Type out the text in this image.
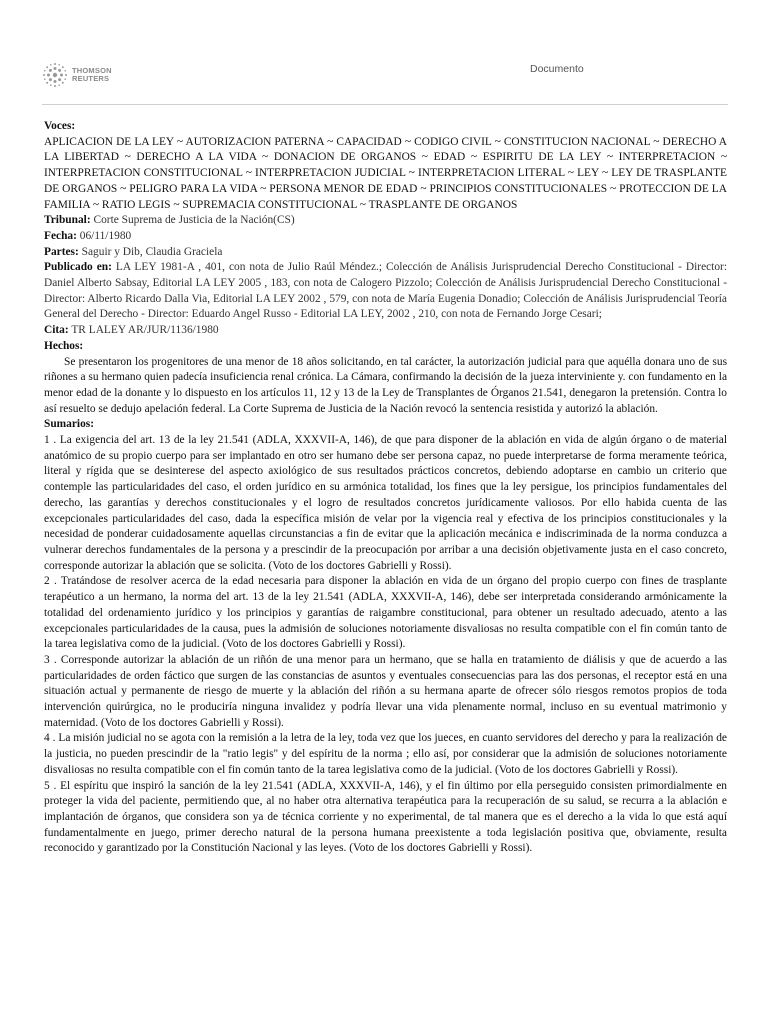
THOMSON
REUTERS
Documento

Voces:

APLICACION DE LA LEY ~ AUTORIZACION PATERNA ~ CAPACIDAD ~ CODIGO CIVIL ~ CONSTITUCION NACIONAL ~ DERECHO A LA LIBERTAD ~ DERECHO A LA VIDA ~ DONACION DE ORGANOS ~ EDAD ~ ESPIRITU DE LA LEY ~ INTERPRETACION ~ INTERPRETACION CONSTITUCIONAL ~ INTERPRETACION JUDICIAL ~ INTERPRETACION LITERAL ~ LEY ~ LEY DE TRASPLANTE DE ORGANOS ~ PELIGRO PARA LA VIDA ~ PERSONA MENOR DE EDAD ~ PRINCIPIOS CONSTITUCIONALES ~ PROTECCION DE LA FAMILIA ~ RATIO LEGIS ~ SUPREMACIA CONSTITUCIONAL ~ TRASPLANTE DE ORGANOS

Tribunal: Corte Suprema de Justicia de la Nación(CS)

Fecha: 06/11/1980

Partes: Saguir y Dib, Claudia Graciela

Publicado en: LA LEY 1981-A , 401, con nota de Julio Raúl Méndez.; Colección de Análisis Jurisprudencial Derecho Constitucional - Director: Daniel Alberto Sabsay, Editorial LA LEY 2005 , 183, con nota de Calogero Pizzolo; Colección de Análisis Jurisprudencial Derecho Constitucional - Director: Alberto Ricardo Dalla Via, Editorial LA LEY 2002 , 579, con nota de María Eugenia Donadio; Colección de Análisis Jurisprudencial Teoría General del Derecho - Director: Eduardo Angel Russo - Editorial LA LEY, 2002 , 210, con nota de Fernando Jorge Cesari;

Cita: TR LALEY AR/JUR/1136/1980

Hechos:

Se presentaron los progenitores de una menor de 18 años solicitando, en tal carácter, la autorización judicial para que aquélla donara uno de sus riñones a su hermano quien padecía insuficiencia renal crónica. La Cámara, confirmando la decisión de la jueza interviniente y. con fundamento en la menor edad de la donante y lo dispuesto en los artículos 11, 12 y 13 de la Ley de Transplantes de Órganos 21.541, denegaron la pretensión. Contra lo así resuelto se dedujo apelación federal. La Corte Suprema de Justicia de la Nación revocó la sentencia resistida y autorizó la ablación.

Sumarios:

1 . La exigencia del art. 13 de la ley 21.541 (ADLA, XXXVII-A, 146), de que para disponer de la ablación en vida de algún órgano o de material anatómico de su propio cuerpo para ser implantado en otro ser humano debe ser persona capaz, no puede interpretarse de forma meramente teórica, literal y rígida que se desinterese del aspecto axiológico de sus resultados prácticos concretos, debiendo adoptarse en cambio un criterio que contemple las particularidades del caso, el orden jurídico en su armónica totalidad, los fines que la ley persigue, los principios fundamentales del derecho, las garantías y derechos constitucionales y el logro de resultados concretos jurídicamente valiosos. Por ello habida cuenta de las excepcionales particularidades del caso, dada la específica misión de velar por la vigencia real y efectiva de los principios constitucionales y la necesidad de ponderar cuidadosamente aquellas circunstancias a fin de evitar que la aplicación mecánica e indiscriminada de la norma conduzca a vulnerar derechos fundamentales de la persona y a prescindir de la preocupación por arribar a una decisión objetivamente justa en el caso concreto, corresponde autorizar la ablación que se solicita. (Voto de los doctores Gabrielli y Rossi).

2 . Tratándose de resolver acerca de la edad necesaria para disponer la ablación en vida de un órgano del propio cuerpo con fines de trasplante terapéutico a un hermano, la norma del art. 13 de la ley 21.541 (ADLA, XXXVII-A, 146), debe ser interpretada considerando armónicamente la totalidad del ordenamiento jurídico y los principios y garantías de raigambre constitucional, para obtener un resultado adecuado, atento a las excepcionales particularidades de la causa, pues la admisión de soluciones notoriamente disvaliosas no resulta compatible con el fin común tanto de la tarea legislativa como de la judicial. (Voto de los doctores Gabrielli y Rossi).

3 . Corresponde autorizar la ablación de un riñón de una menor para un hermano, que se halla en tratamiento de diálisis y que de acuerdo a las particularidades de orden fáctico que surgen de las constancias de asuntos y eventuales consecuencias para las dos personas, el receptor está en una situación actual y permanente de riesgo de muerte y la ablación del riñón a su hermana aparte de ofrecer sólo riesgos remotos propios de toda intervención quirúrgica, no le produciría ninguna invalidez y podría llevar una vida plenamente normal, incluso en su eventual matrimonio y maternidad. (Voto de los doctores Gabrielli y Rossi).

4 . La misión judicial no se agota con la remisión a la letra de la ley, toda vez que los jueces, en cuanto servidores del derecho y para la realización de la justicia, no pueden prescindir de la "ratio legis" y del espíritu de la norma ; ello así, por considerar que la admisión de soluciones notoriamente disvaliosas no resulta compatible con el fin común tanto de la tarea legislativa como de la judicial. (Voto de los doctores Gabrielli y Rossi).

5 . El espíritu que inspiró la sanción de la ley 21.541 (ADLA, XXXVII-A, 146), y el fin último por ella perseguido consisten primordialmente en proteger la vida del paciente, permitiendo que, al no haber otra alternativa terapéutica para la recuperación de su salud, se recurra a la ablación e implantación de órganos, que considera son ya de técnica corriente y no experimental, de tal manera que es el derecho a la vida lo que está aquí fundamentalmente en juego, primer derecho natural de la persona humana preexistente a toda legislación positiva que, obviamente, resulta reconocido y garantizado por la Constitución Nacional y las leyes. (Voto de los doctores Gabrielli y Rossi).
